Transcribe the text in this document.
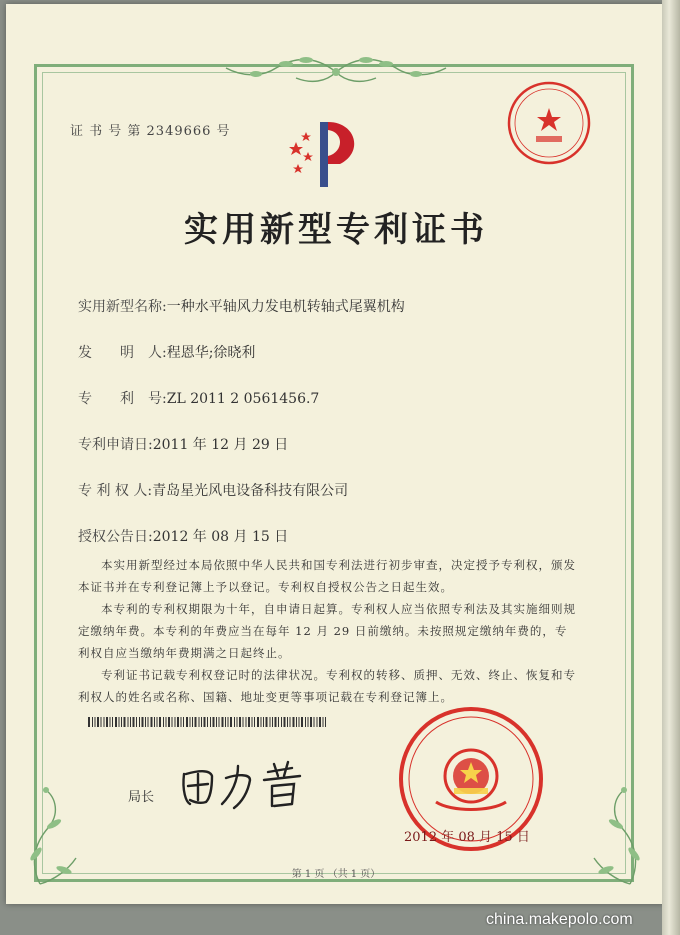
证 书 号 第 2349666 号
实用新型专利证书
实用新型名称:一种水平轴风力发电机转轴式尾翼机构
发　　明　人:程恩华;徐晓利
专　　利　号:ZL 2011 2 0561456.7
专利申请日:2011 年 12 月 29 日
专 利 权 人:青岛星光风电设备科技有限公司
授权公告日:2012 年 08 月 15 日

本实用新型经过本局依照中华人民共和国专利法进行初步审查，决定授予专利权，颁发本证书并在专利登记簿上予以登记。专利权自授权公告之日起生效。

本专利的专利权期限为十年，自申请日起算。专利权人应当依照专利法及其实施细则规定缴纳年费。本专利的年费应当在每年 12 月 29 日前缴纳。未按照规定缴纳年费的，专利权自应当缴纳年费期满之日起终止。

专利证书记载专利权登记时的法律状况。专利权的转移、质押、无效、终止、恢复和专利权人的姓名或名称、国籍、地址变更等事项记载在专利登记簿上。

局长
2012 年 08 月 15 日
第 1 页 （共 1 页）
china.makepolo.com
